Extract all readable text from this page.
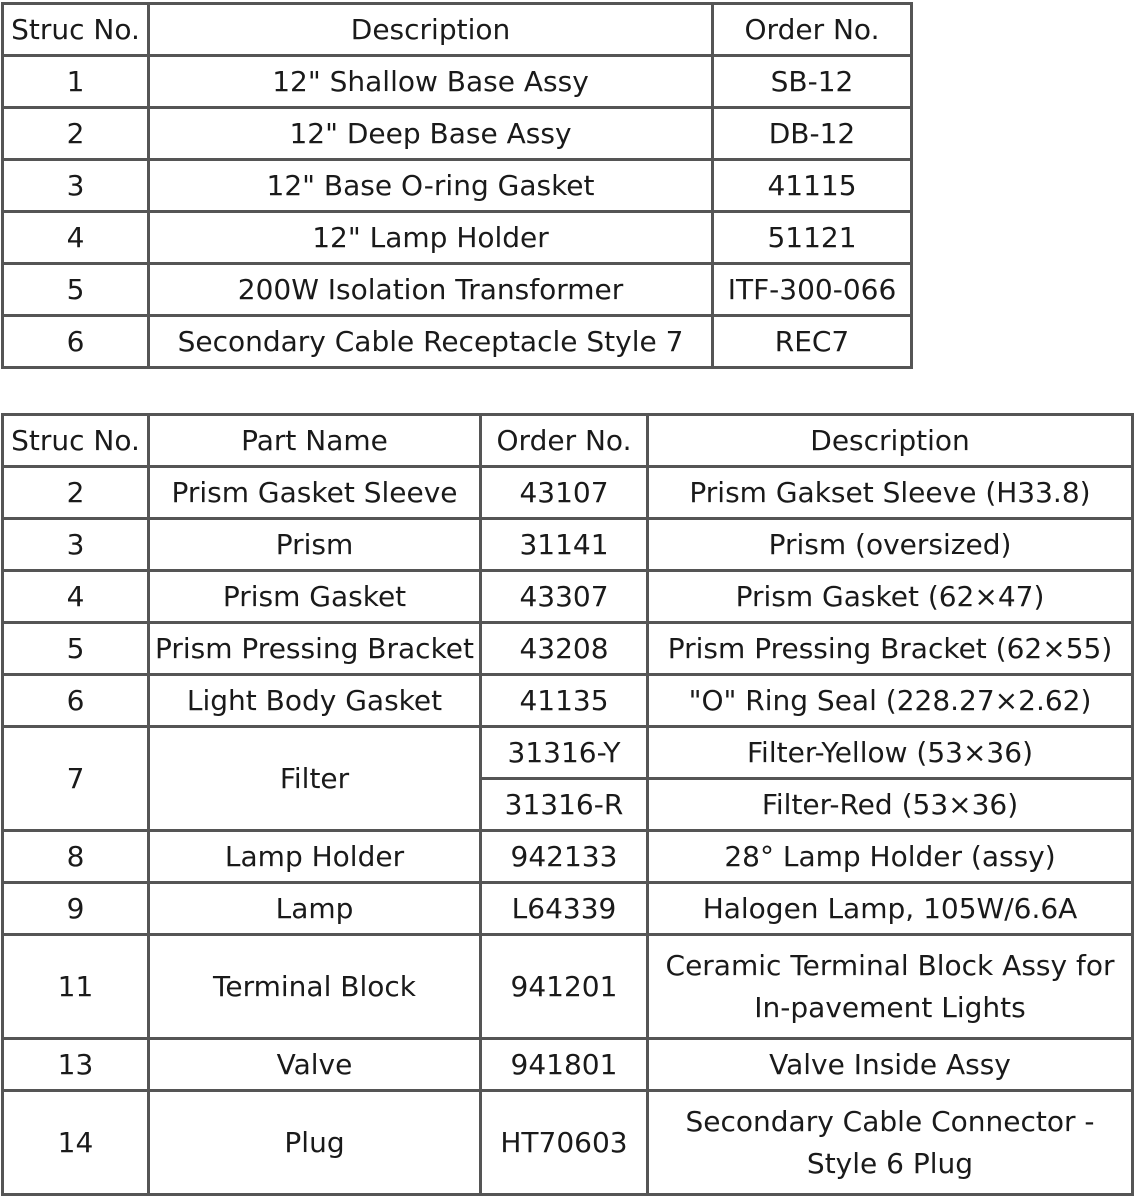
Struc No.	Description	Order No.
1	12" Shallow Base Assy	SB-12
2	12" Deep Base Assy	DB-12
3	12" Base O-ring Gasket	41115
4	12" Lamp Holder	51121
5	200W Isolation Transformer	ITF-300-066
6	Secondary Cable Receptacle Style 7	REC7
Struc No.	Part Name	Order No.	Description
2	Prism Gasket Sleeve	43107	Prism Gakset Sleeve (H33.8)
3	Prism	31141	Prism (oversized)
4	Prism Gasket	43307	Prism Gasket (62×47)
5	Prism Pressing Bracket	43208	Prism Pressing Bracket (62×55)
6	Light Body Gasket	41135	"O" Ring Seal (228.27×2.62)
7	Filter	31316-Y	Filter-Yellow (53×36)
		31316-R	Filter-Red (53×36)
8	Lamp Holder	942133	28° Lamp Holder (assy)
9	Lamp	L64339	Halogen Lamp, 105W/6.6A
11	Terminal Block	941201	Ceramic Terminal Block Assy for In-pavement Lights
13	Valve	941801	Valve Inside Assy
14	Plug	HT70603	Secondary Cable Connector - Style 6 Plug
